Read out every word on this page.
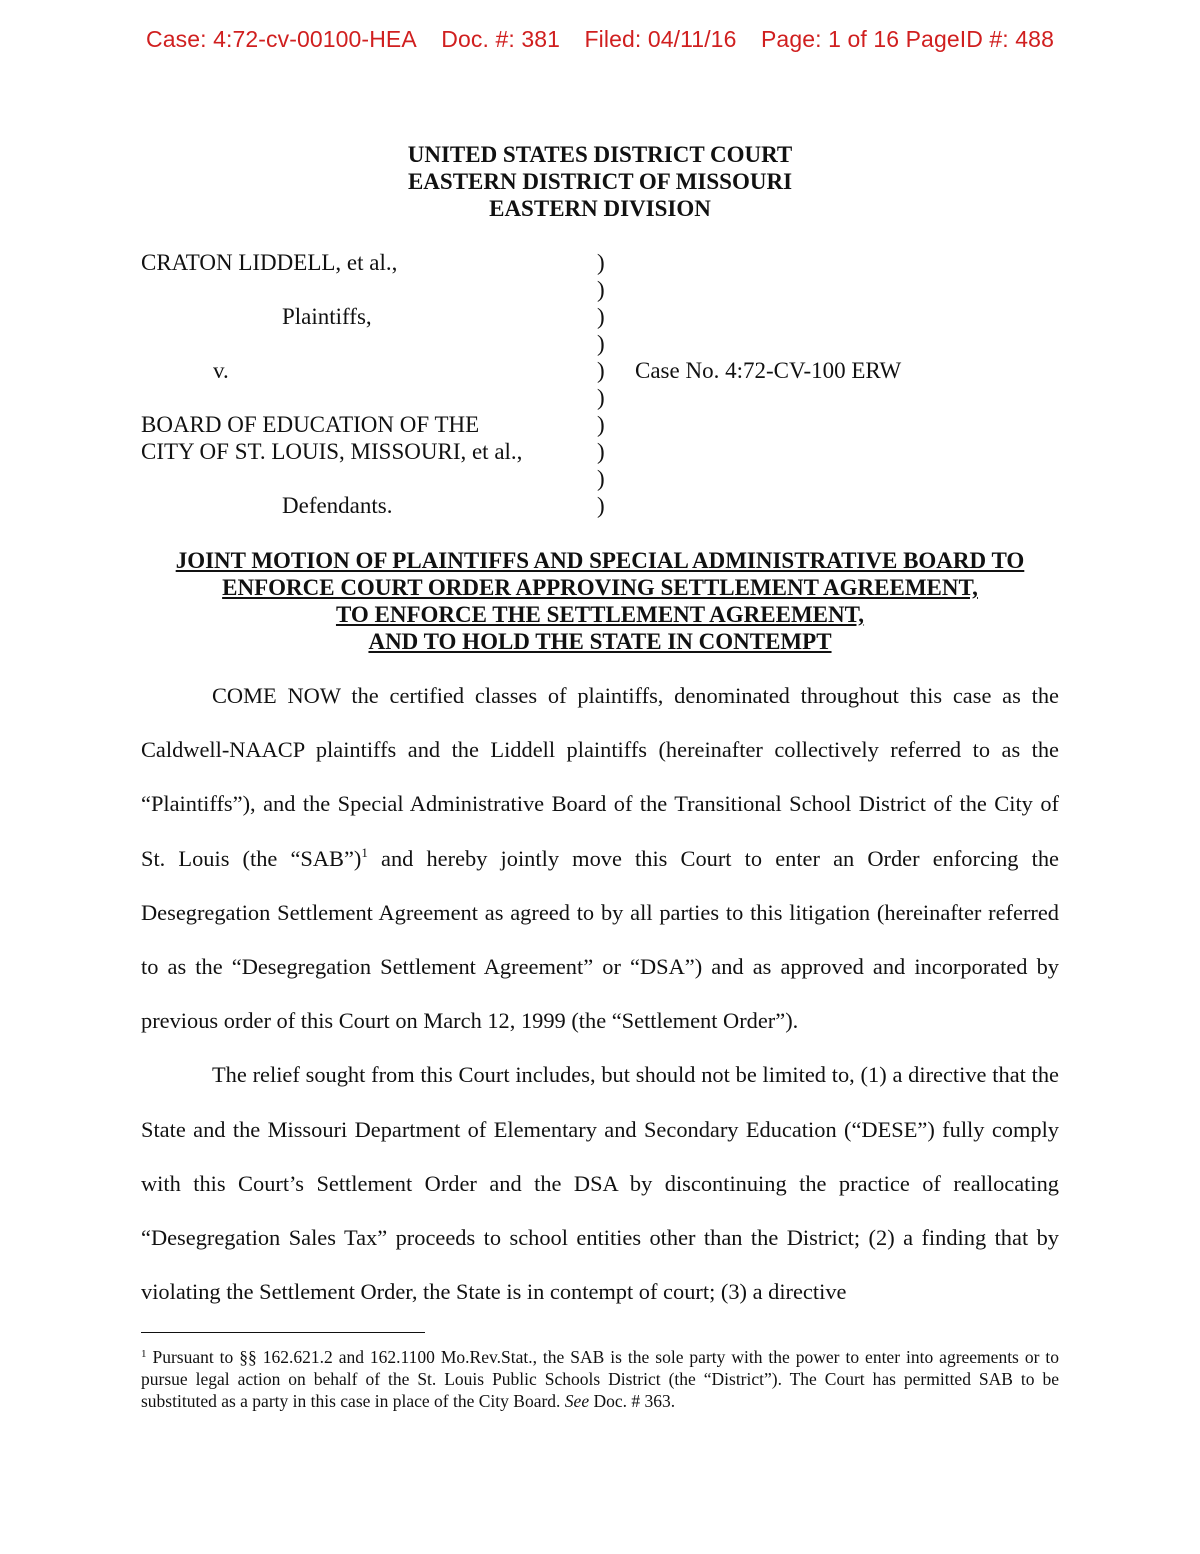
Case: 4:72-cv-00100-HEA Doc. #: 381 Filed: 04/11/16 Page: 1 of 16 PageID #: 488
UNITED STATES DISTRICT COURT
EASTERN DISTRICT OF MISSOURI
EASTERN DIVISION
CRATON LIDDELL, et al.,
Plaintiffs,
v.
BOARD OF EDUCATION OF THE
CITY OF ST. LOUIS, MISSOURI, et al.,
Defendants.
)
)
)
)
)
)
)
)
)
)
Case No. 4:72-CV-100 ERW
JOINT MOTION OF PLAINTIFFS AND SPECIAL ADMINISTRATIVE BOARD TO
ENFORCE COURT ORDER APPROVING SETTLEMENT AGREEMENT,
TO ENFORCE THE SETTLEMENT AGREEMENT,
AND TO HOLD THE STATE IN CONTEMPT

COME NOW the certified classes of plaintiffs, denominated throughout this case as the Caldwell-NAACP plaintiffs and the Liddell plaintiffs (hereinafter collectively referred to as the “Plaintiffs”), and the Special Administrative Board of the Transitional School District of the City of St. Louis (the “SAB”)$^1$ and hereby jointly move this Court to enter an Order enforcing the Desegregation Settlement Agreement as agreed to by all parties to this litigation (hereinafter referred to as the “Desegregation Settlement Agreement” or “DSA”) and as approved and incorporated by previous order of this Court on March 12, 1999 (the “Settlement Order”).

The relief sought from this Court includes, but should not be limited to, (1) a directive that the State and the Missouri Department of Elementary and Secondary Education (“DESE”) fully comply with this Court’s Settlement Order and the DSA by discontinuing the practice of reallocating “Desegregation Sales Tax” proceeds to school entities other than the District; (2) a finding that by violating the Settlement Order, the State is in contempt of court; (3) a directive

$^1$ Pursuant to §§ 162.621.2 and 162.1100 Mo.Rev.Stat., the SAB is the sole party with the power to enter into agreements or to pursue legal action on behalf of the St. Louis Public Schools District (the “District”). The Court has permitted SAB to be substituted as a party in this case in place of the City Board. See Doc. # 363.
